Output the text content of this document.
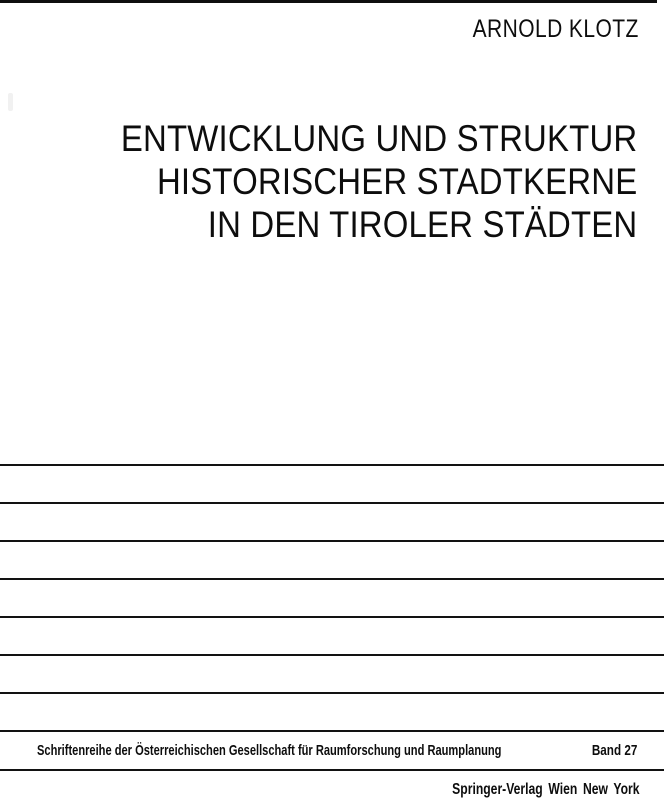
ARNOLD KLOTZ
ENTWICKLUNG UND STRUKTUR
HISTORISCHER STADTKERNE
IN DEN TIROLER STÄDTEN
Schriftenreihe der Österreichischen Gesellschaft für Raumforschung und Raumplanung	Band 27
Springer-Verlag Wien New York
